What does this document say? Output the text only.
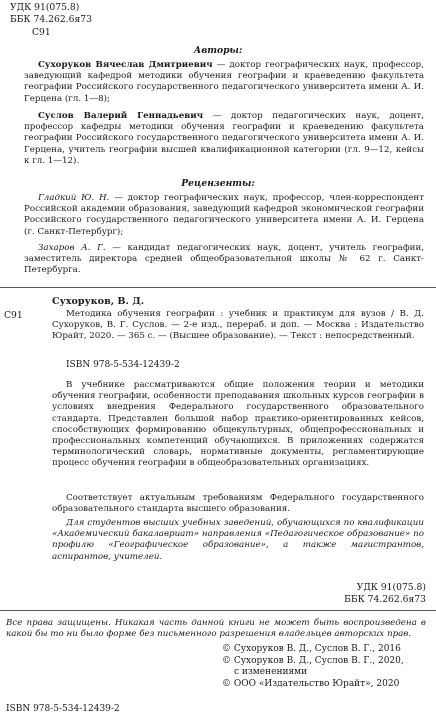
УДК 91(075.8)
ББК 74.262.6я73
С91
Авторы:
Сухоруков Вячеслав Дмитриевич — доктор географических наук, профессор, заведующий кафедрой методики обучения географии и краеведению факультета географии Российского государственного педагогического университета имени А. И. Герцена (гл. 1—8);
Суслов Валерий Геннадьевич — доктор педагогических наук, доцент, профессор кафедры методики обучения географии и краеведению факультета географии Российского государственного педагогического университета имени А. И. Герцена, учитель географии высшей квалификационной категории (гл. 9—12, кейсы к гл. 1—12).
Рецензенты:
Гладкий Ю. Н. — доктор географических наук, профессор, член-корреспондент Российской академии образования, заведующий кафедрой экономической географии Российского государственного педагогического университета имени А. И. Герцена (г. Санкт-Петербург);
Захаров А. Г. — кандидат педагогических наук, доцент, учитель географии, заместитель директора средней общеобразовательной школы № 62 г. Санкт-Петербурга.
С91
Сухоруков, В. Д.
Методика обучения географии : учебник и практикум для вузов / В. Д. Сухоруков, В. Г. Суслов. — 2-е изд., перераб. и доп. — Москва : Издательство Юрайт, 2020. — 365 с. — (Высшее образование). — Текст : непосредственный.
ISBN 978-5-534-12439-2
В учебнике рассматриваются общие положения теории и методики обучения географии, особенности преподавания школьных курсов географии в условиях внедрения Федерального государственного образовательного стандарта. Представлен большой набор практико-ориентированных кейсов, способствующих формированию общекультурных, общепрофессиональных и профессиональных компетенций обучающихся. В приложениях содержатся терминологический словарь, нормативные документы, регламентирующие процесс обучения географии в общеобразовательных организациях.
Соответствует актуальным требованиям Федерального государственного образовательного стандарта высшего образования.
Для студентов высших учебных заведений, обучающихся по квалификации «Академический бакалавриат» направления «Педагогическое образование» по профилю «Географическое образование», а также магистрантов, аспирантов, учителей.
УДК 91(075.8)
ББК 74.262.6я73
Все права защищены. Никакая часть данной книги не может быть воспроизведена в какой бы то ни было форме без письменного разрешения владельцев авторских прав.
© Сухоруков В. Д., Суслов В. Г., 2016
© Сухоруков В. Д., Суслов В. Г., 2020,
с изменениями
© ООО «Издательство Юрайт», 2020
ISBN 978-5-534-12439-2
